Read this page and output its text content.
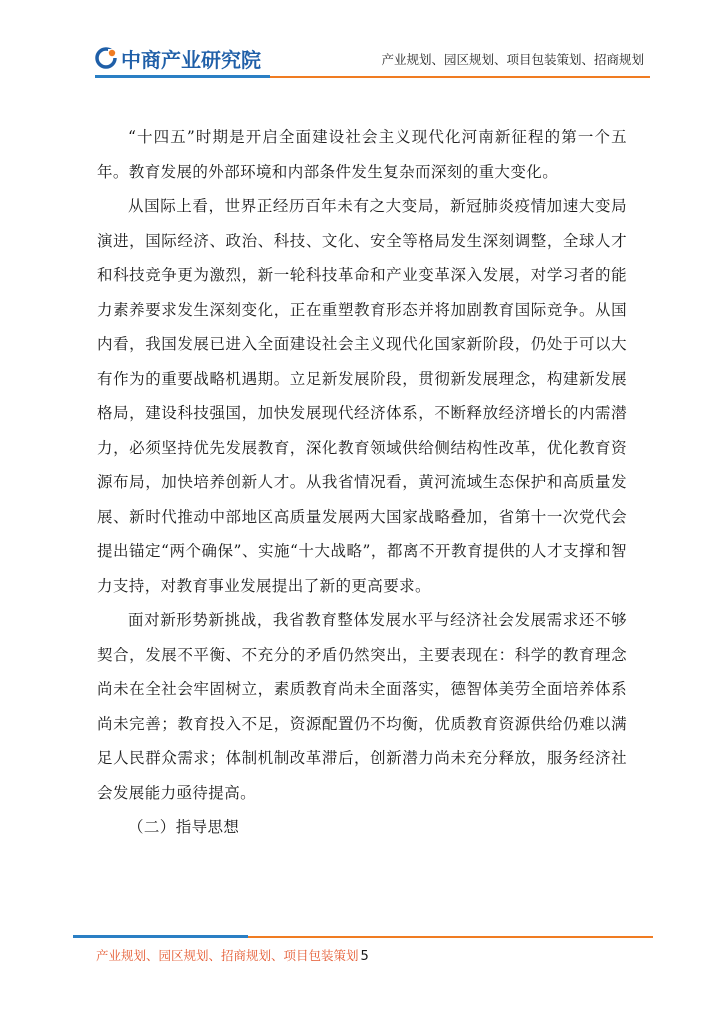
中商产业研究院	产业规划、园区规划、项目包装策划、招商规划

“十四五”时期是开启全面建设社会主义现代化河南新征程的第一个五年。教育发展的外部环境和内部条件发生复杂而深刻的重大变化。

从国际上看，世界正经历百年未有之大变局，新冠肺炎疫情加速大变局演进，国际经济、政治、科技、文化、安全等格局发生深刻调整，全球人才和科技竞争更为激烈，新一轮科技革命和产业变革深入发展，对学习者的能力素养要求发生深刻变化，正在重塑教育形态并将加剧教育国际竞争。从国内看，我国发展已进入全面建设社会主义现代化国家新阶段，仍处于可以大有作为的重要战略机遇期。立足新发展阶段，贯彻新发展理念，构建新发展格局，建设科技强国，加快发展现代经济体系，不断释放经济增长的内需潜力，必须坚持优先发展教育，深化教育领域供给侧结构性改革，优化教育资源布局，加快培养创新人才。从我省情况看，黄河流域生态保护和高质量发展、新时代推动中部地区高质量发展两大国家战略叠加，省第十一次党代会提出锚定“两个确保”、实施“十大战略”，都离不开教育提供的人才支撑和智力支持，对教育事业发展提出了新的更高要求。

面对新形势新挑战，我省教育整体发展水平与经济社会发展需求还不够契合，发展不平衡、不充分的矛盾仍然突出，主要表现在：科学的教育理念尚未在全社会牢固树立，素质教育尚未全面落实，德智体美劳全面培养体系尚未完善；教育投入不足，资源配置仍不均衡，优质教育资源供给仍难以满足人民群众需求；体制机制改革滞后，创新潜力尚未充分释放，服务经济社会发展能力亟待提高。

（二）指导思想

产业规划、园区规划、招商规划、项目包装策划 5
